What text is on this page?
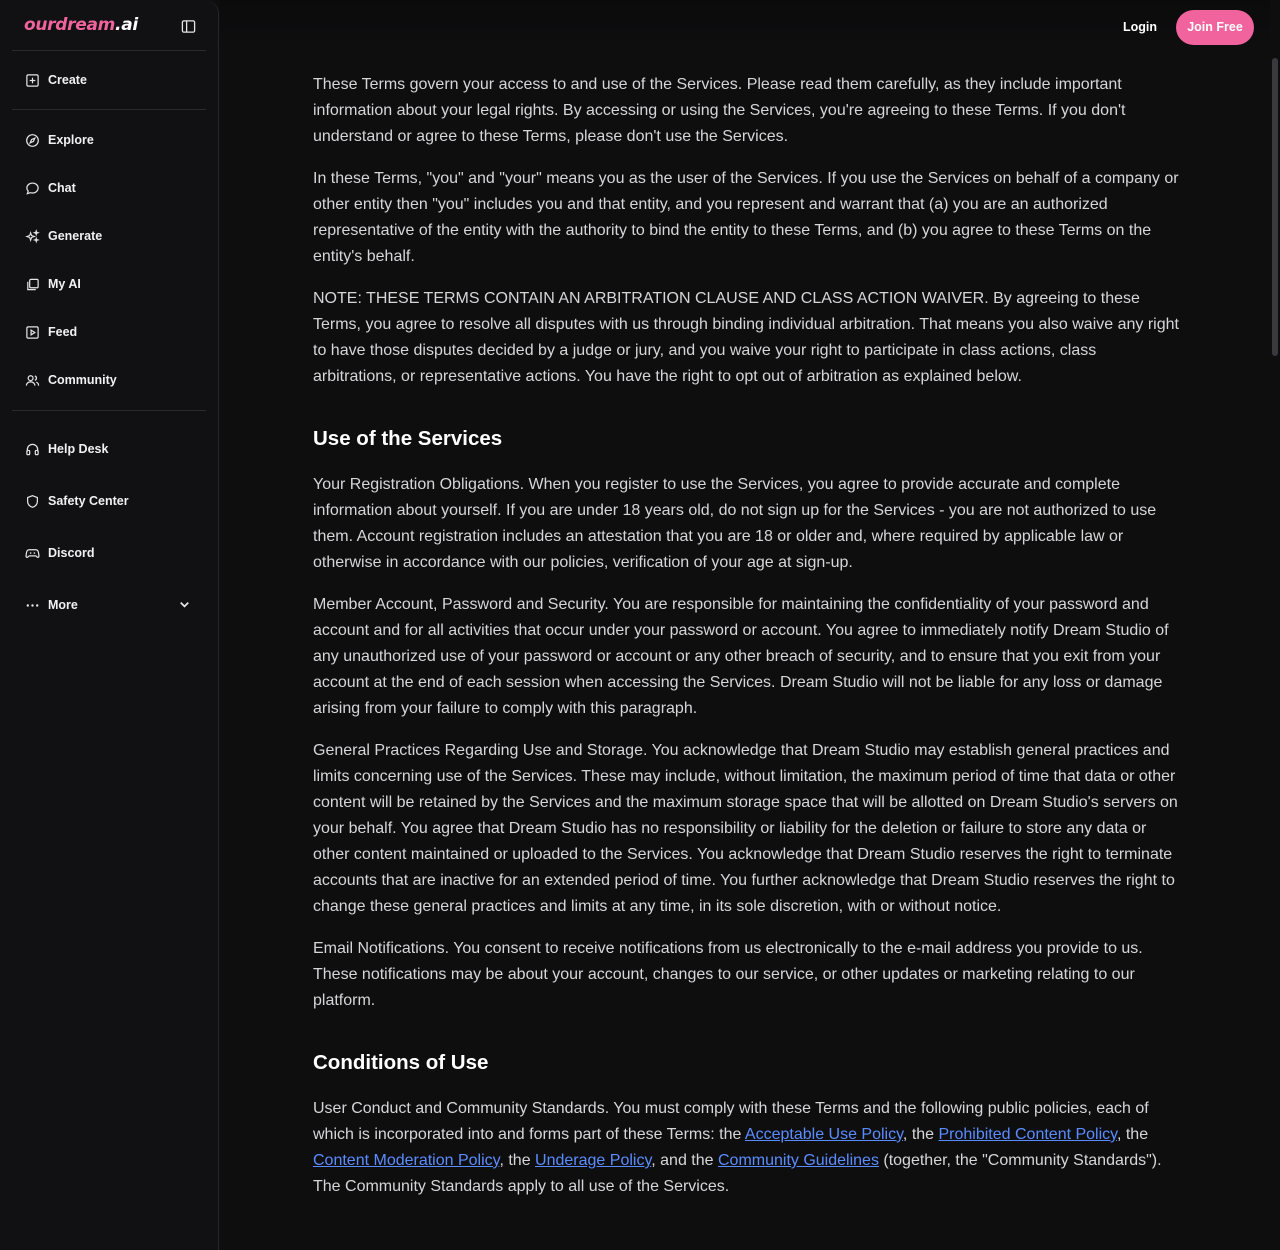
ourdream.ai
Create
Explore
Chat
Generate
My AI
Feed
Community
Help Desk
Safety Center
Discord
More
Login	Join Free

These Terms govern your access to and use of the Services. Please read them carefully, as they include important information about your legal rights. By accessing or using the Services, you're agreeing to these Terms. If you don't understand or agree to these Terms, please don't use the Services.

In these Terms, "you" and "your" means you as the user of the Services. If you use the Services on behalf of a company or other entity then "you" includes you and that entity, and you represent and warrant that (a) you are an authorized representative of the entity with the authority to bind the entity to these Terms, and (b) you agree to these Terms on the entity's behalf.

NOTE: THESE TERMS CONTAIN AN ARBITRATION CLAUSE AND CLASS ACTION WAIVER. By agreeing to these Terms, you agree to resolve all disputes with us through binding individual arbitration. That means you also waive any right to have those disputes decided by a judge or jury, and you waive your right to participate in class actions, class arbitrations, or representative actions. You have the right to opt out of arbitration as explained below.

Use of the Services

Your Registration Obligations. When you register to use the Services, you agree to provide accurate and complete information about yourself. If you are under 18 years old, do not sign up for the Services - you are not authorized to use them. Account registration includes an attestation that you are 18 or older and, where required by applicable law or otherwise in accordance with our policies, verification of your age at sign-up.

Member Account, Password and Security. You are responsible for maintaining the confidentiality of your password and account and for all activities that occur under your password or account. You agree to immediately notify Dream Studio of any unauthorized use of your password or account or any other breach of security, and to ensure that you exit from your account at the end of each session when accessing the Services. Dream Studio will not be liable for any loss or damage arising from your failure to comply with this paragraph.

General Practices Regarding Use and Storage. You acknowledge that Dream Studio may establish general practices and limits concerning use of the Services. These may include, without limitation, the maximum period of time that data or other content will be retained by the Services and the maximum storage space that will be allotted on Dream Studio's servers on your behalf. You agree that Dream Studio has no responsibility or liability for the deletion or failure to store any data or other content maintained or uploaded to the Services. You acknowledge that Dream Studio reserves the right to terminate accounts that are inactive for an extended period of time. You further acknowledge that Dream Studio reserves the right to change these general practices and limits at any time, in its sole discretion, with or without notice.

Email Notifications. You consent to receive notifications from us electronically to the e-mail address you provide to us. These notifications may be about your account, changes to our service, or other updates or marketing relating to our platform.

Conditions of Use

User Conduct and Community Standards. You must comply with these Terms and the following public policies, each of which is incorporated into and forms part of these Terms: the Acceptable Use Policy, the Prohibited Content Policy, the Content Moderation Policy, the Underage Policy, and the Community Guidelines (together, the "Community Standards"). The Community Standards apply to all use of the Services.
